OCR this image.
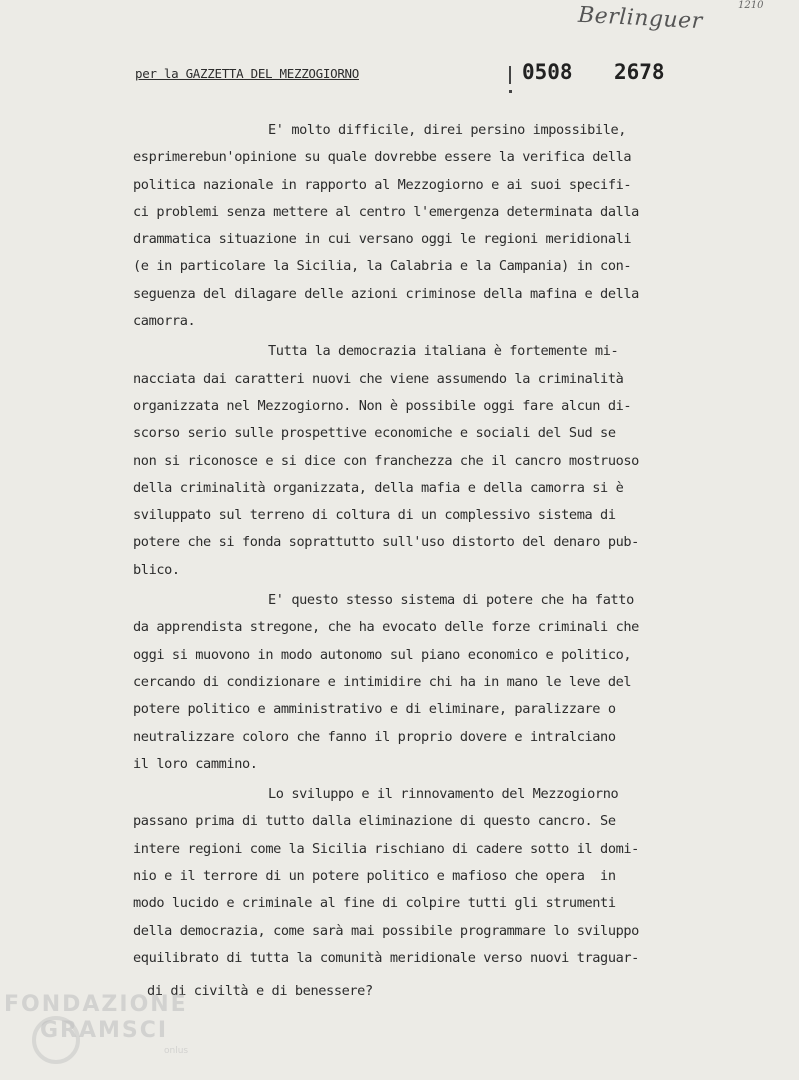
Berlinguer	1210
per la GAZZETTA DEL MEZZOGIORNO	0508 2678
E' molto difficile, direi persino impossibile,
esprimerebun'opinione su quale dovrebbe essere la verifica della
politica nazionale in rapporto al Mezzogiorno e ai suoi specifi-
ci problemi senza mettere al centro l'emergenza determinata dalla
drammatica situazione in cui versano oggi le regioni meridionali
(e in particolare la Sicilia, la Calabria e la Campania) in con-
seguenza del dilagare delle azioni criminose della mafina e della
camorra.
Tutta la democrazia italiana è fortemente mi-
nacciata dai caratteri nuovi che viene assumendo la criminalità
organizzata nel Mezzogiorno. Non è possibile oggi fare alcun di-
scorso serio sulle prospettive economiche e sociali del Sud se
non si riconosce e si dice con franchezza che il cancro mostruoso
della criminalità organizzata, della mafia e della camorra si è
sviluppato sul terreno di coltura di un complessivo sistema di
potere che si fonda soprattutto sull'uso distorto del denaro pub-
blico.
E' questo stesso sistema di potere che ha fatto
da apprendista stregone, che ha evocato delle forze criminali che
oggi si muovono in modo autonomo sul piano economico e politico,
cercando di condizionare e intimidire chi ha in mano le leve del
potere politico e amministrativo e di eliminare, paralizzare o
neutralizzare coloro che fanno il proprio dovere e intralciano
il loro cammino.
Lo sviluppo e il rinnovamento del Mezzogiorno
passano prima di tutto dalla eliminazione di questo cancro. Se
intere regioni come la Sicilia rischiano di cadere sotto il domi-
nio e il terrore di un potere politico e mafioso che opera  in
modo lucido e criminale al fine di colpire tutti gli strumenti
della democrazia, come sarà mai possibile programmare lo sviluppo
equilibrato di tutta la comunità meridionale verso nuovi traguar-
di di civiltà e di benessere?
FONDAZIONE
GRAMSCI
onlus
